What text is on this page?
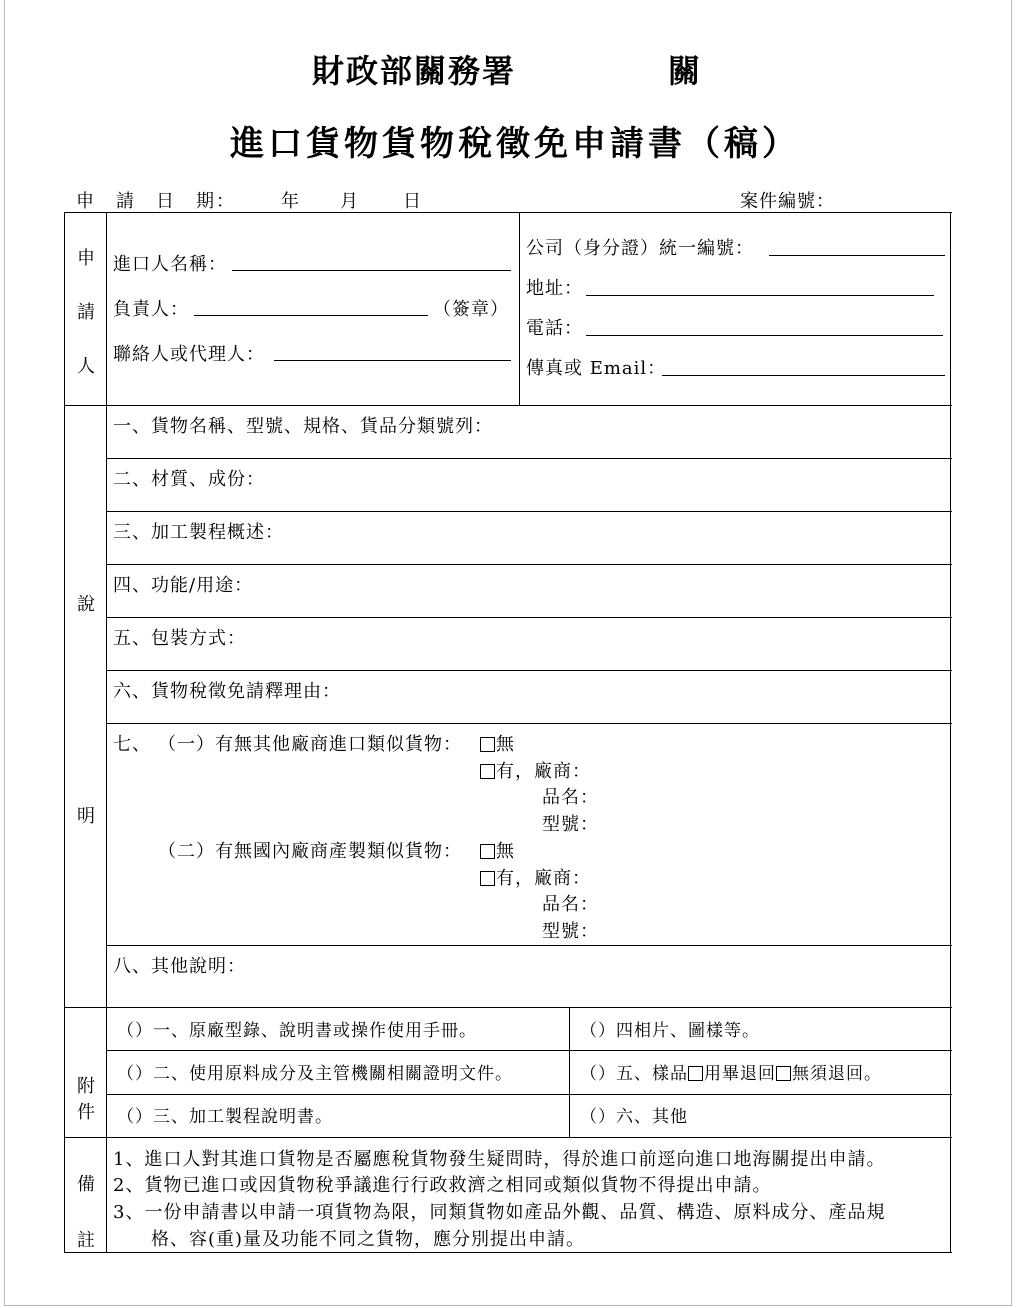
財政部關務署	關
進口貨物貨物稅徵免申請書（稿）
申　請　日　期：	年 月 日	案件編號：
申
請
人
進口人名稱：
負責人：	（簽章）
聯絡人或代理人：
公司（身分證）統一編號：
地址：
電話：
傳真或 Email：
說
明
一、貨物名稱、型號、規格、貨品分類號列：
二、材質、成份：
三、加工製程概述：
四、功能/用途：
五、包裝方式：
六、貨物稅徵免請釋理由：
七、 （一）有無其他廠商進口類似貨物：	無
有，廠商：
品名：
型號：
（二）有無國內廠商產製類似貨物：	無
有，廠商：
品名：
型號：
八、其他說明：
附
件
（）一、原廠型錄、說明書或操作使用手冊。	（）四相片、圖樣等。
（）二、使用原料成分及主管機關相關證明文件。	（）五、樣品 用畢退回 無須退回。
（）三、加工製程說明書。	（）六、其他
備
註
1、進口人對其進口貨物是否屬應稅貨物發生疑問時，得於進口前逕向進口地海關提出申請。
2、貨物已進口或因貨物稅爭議進行行政救濟之相同或類似貨物不得提出申請。
3、一份申請書以申請一項貨物為限，同類貨物如產品外觀、品質、構造、原料成分、產品規
格、容(重)量及功能不同之貨物，應分別提出申請。
